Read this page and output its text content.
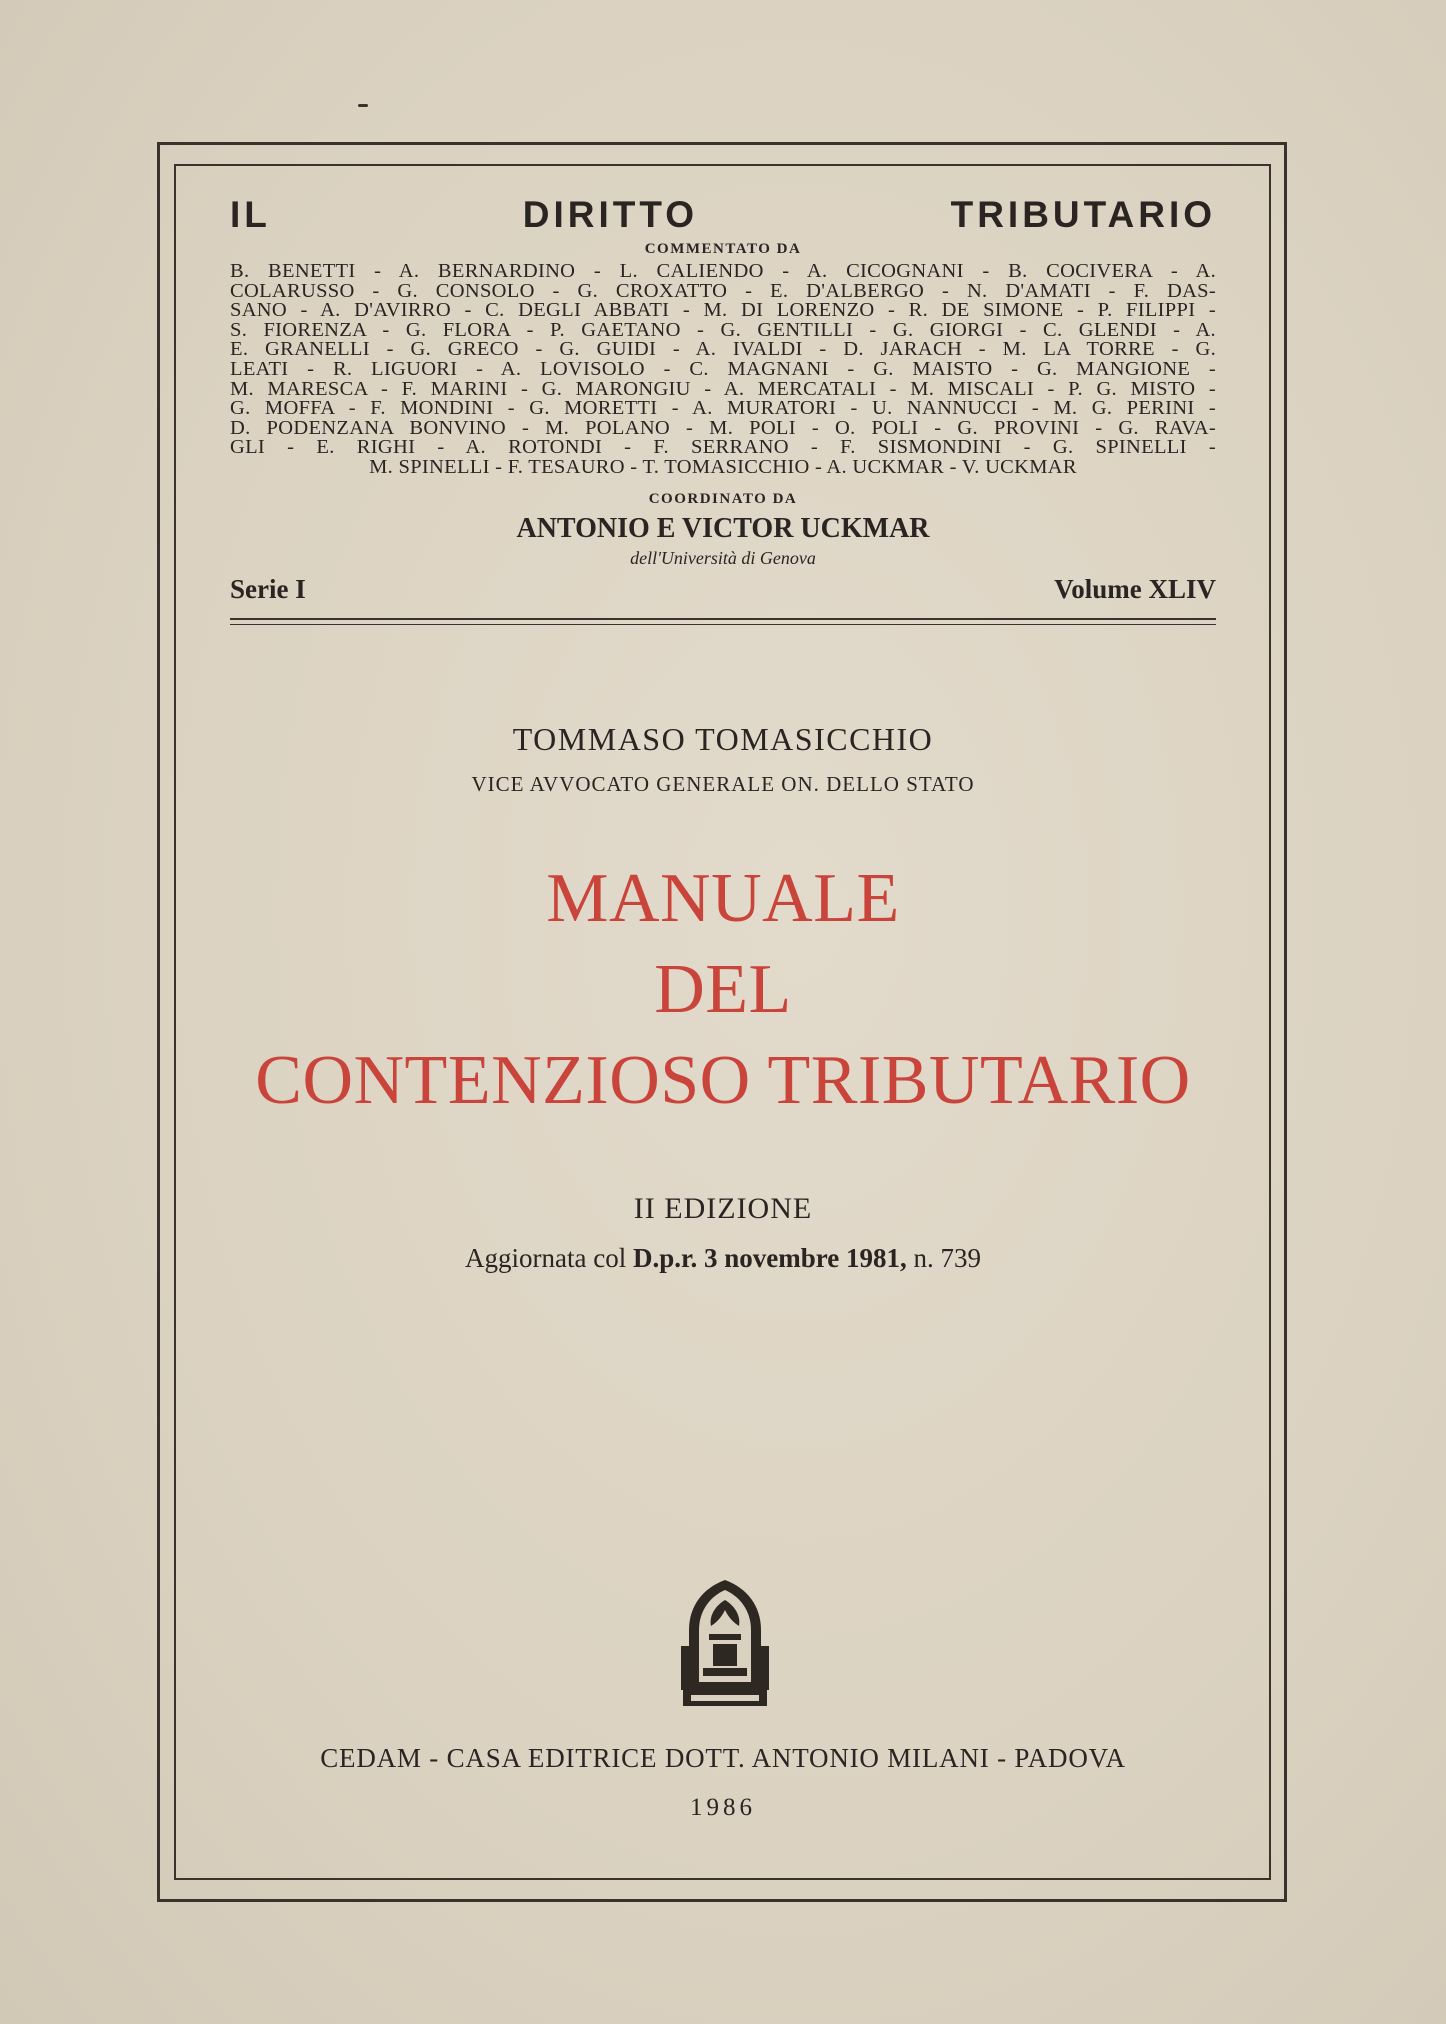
IL DIRITTO TRIBUTARIO
COMMENTATO DA
B. BENETTI - A. BERNARDINO - L. CALIENDO - A. CICOGNANI - B. COCIVERA - A.
COLARUSSO - G. CONSOLO - G. CROXATTO - E. D'ALBERGO - N. D'AMATI - F. DAS-
SANO - A. D'AVIRRO - C. DEGLI ABBATI - M. DI LORENZO - R. DE SIMONE - P. FILIPPI -
S. FIORENZA - G. FLORA - P. GAETANO - G. GENTILLI - G. GIORGI - C. GLENDI - A.
E. GRANELLI - G. GRECO - G. GUIDI - A. IVALDI - D. JARACH - M. LA TORRE - G.
LEATI - R. LIGUORI - A. LOVISOLO - C. MAGNANI - G. MAISTO - G. MANGIONE -
M. MARESCA - F. MARINI - G. MARONGIU - A. MERCATALI - M. MISCALI - P. G. MISTO -
G. MOFFA - F. MONDINI - G. MORETTI - A. MURATORI - U. NANNUCCI - M. G. PERINI -
D. PODENZANA BONVINO - M. POLANO - M. POLI - O. POLI - G. PROVINI - G. RAVA-
GLI - E. RIGHI - A. ROTONDI - F. SERRANO - F. SISMONDINI - G. SPINELLI -
M. SPINELLI - F. TESAURO - T. TOMASICCHIO - A. UCKMAR - V. UCKMAR
COORDINATO DA
ANTONIO E VICTOR UCKMAR
dell'Università di Genova
Serie I	Volume XLIV
TOMMASO TOMASICCHIO
VICE AVVOCATO GENERALE ON. DELLO STATO
MANUALE
DEL
CONTENZIOSO TRIBUTARIO
II EDIZIONE
Aggiornata col D.p.r. 3 novembre 1981, n. 739
CEDAM - CASA EDITRICE DOTT. ANTONIO MILANI - PADOVA
1986
